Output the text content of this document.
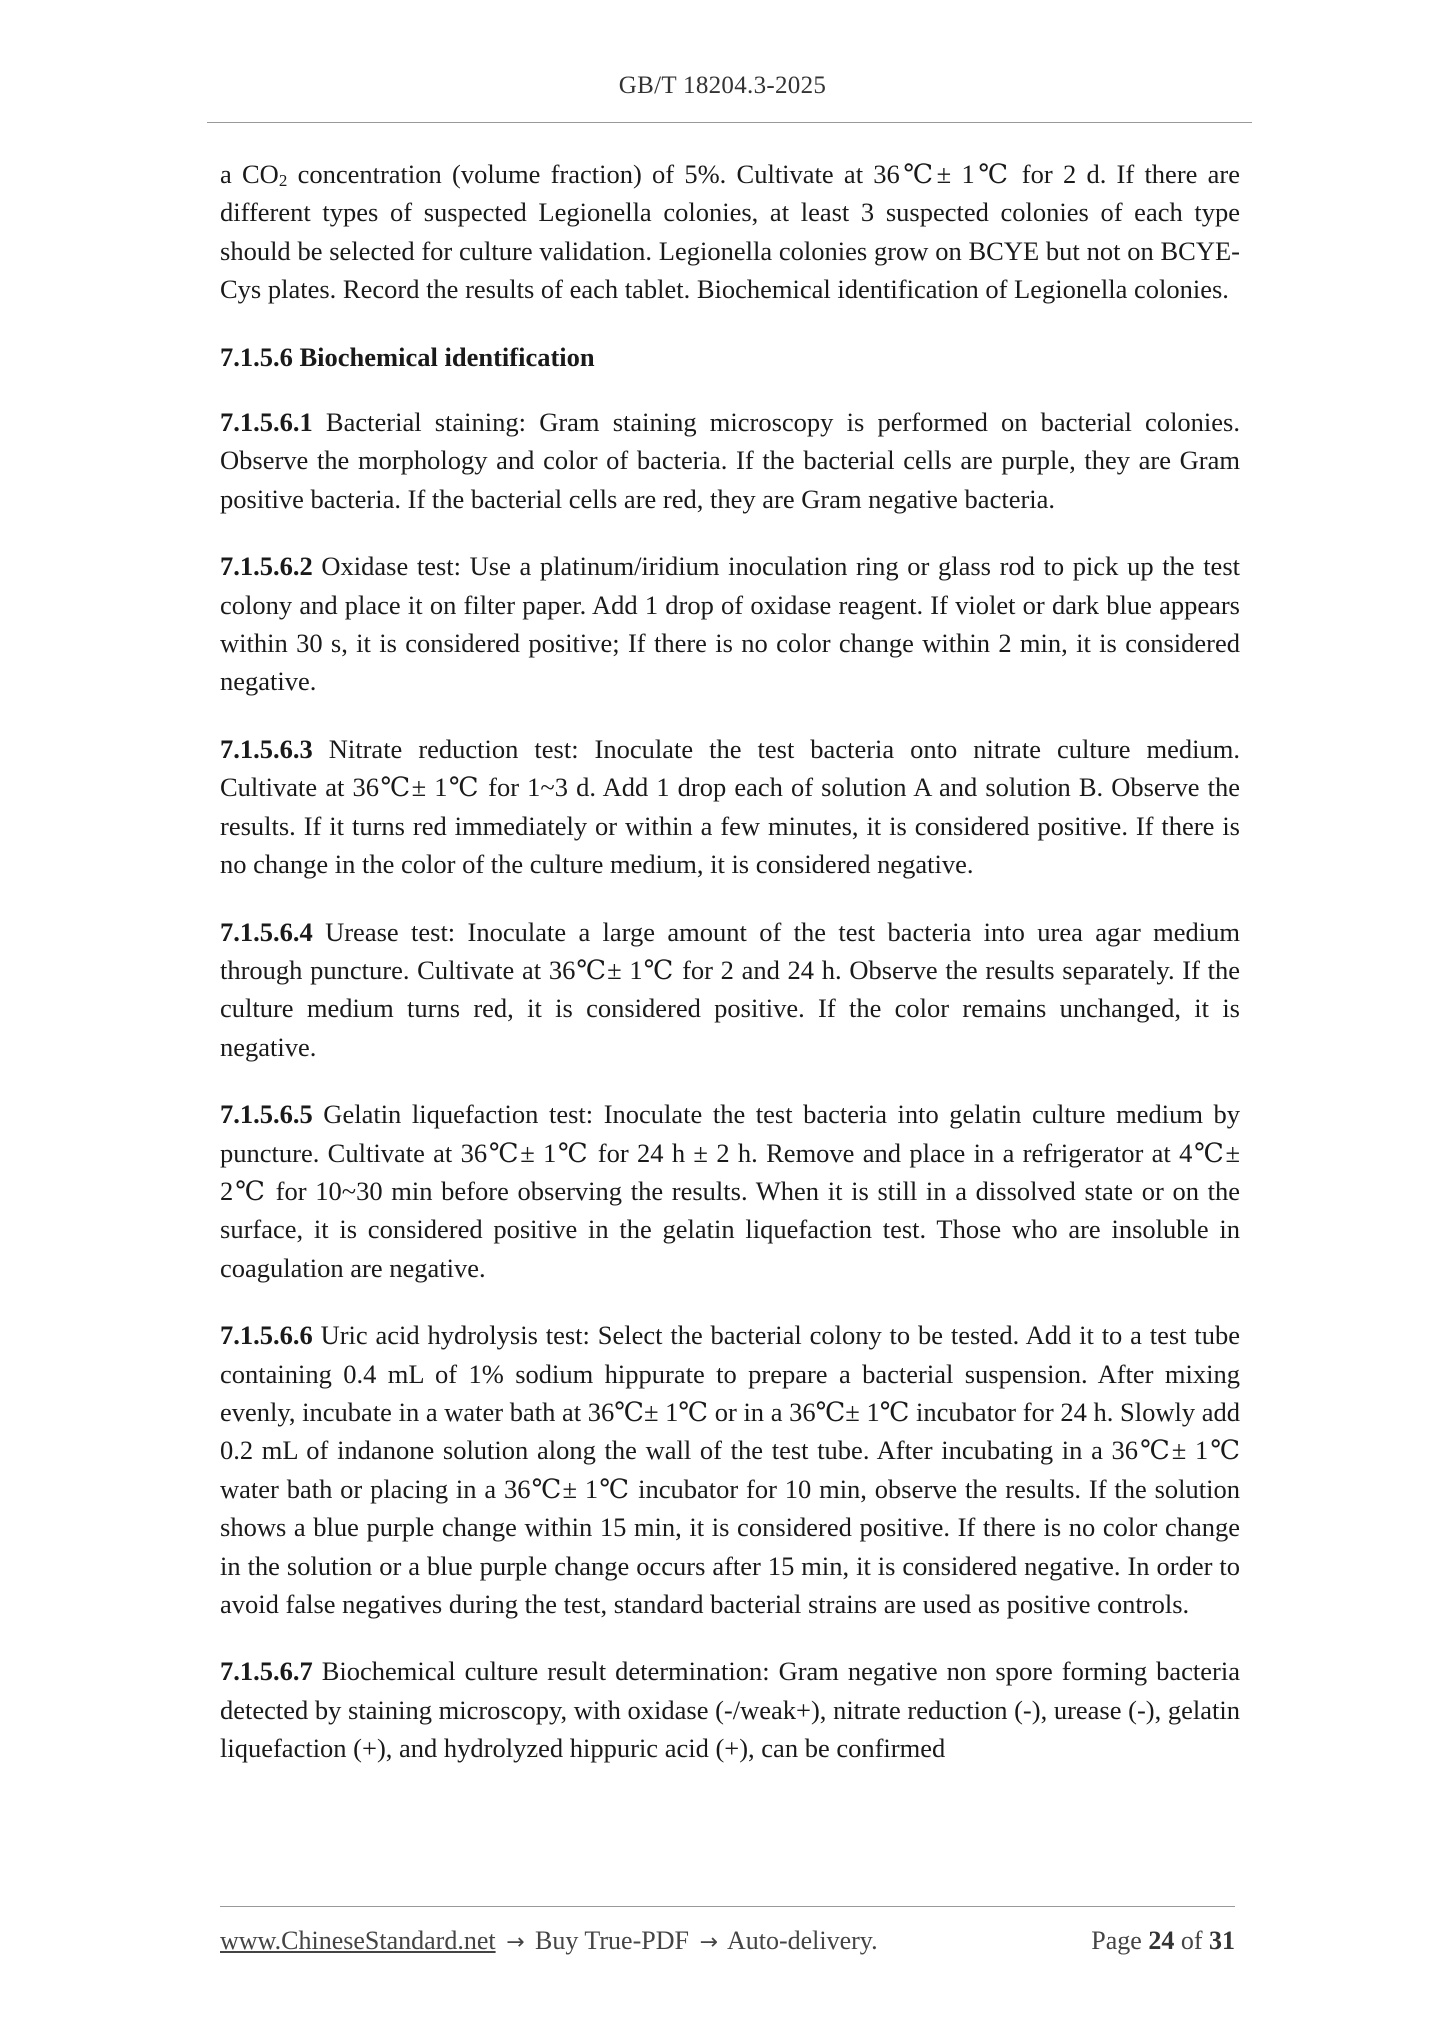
GB/T 18204.3-2025

a $CO_2$ concentration (volume fraction) of 5%. Cultivate at 36℃± 1℃ for 2 d. If there are different types of suspected Legionella colonies, at least 3 suspected colonies of each type should be selected for culture validation. Legionella colonies grow on BCYE but not on BCYE-Cys plates. Record the results of each tablet. Biochemical identification of Legionella colonies.

7.1.5.6 Biochemical identification

7.1.5.6.1 Bacterial staining: Gram staining microscopy is performed on bacterial colonies. Observe the morphology and color of bacteria. If the bacterial cells are purple, they are Gram positive bacteria. If the bacterial cells are red, they are Gram negative bacteria.

7.1.5.6.2 Oxidase test: Use a platinum/iridium inoculation ring or glass rod to pick up the test colony and place it on filter paper. Add 1 drop of oxidase reagent. If violet or dark blue appears within 30 s, it is considered positive; If there is no color change within 2 min, it is considered negative.

7.1.5.6.3 Nitrate reduction test: Inoculate the test bacteria onto nitrate culture medium. Cultivate at 36℃± 1℃ for 1~3 d. Add 1 drop each of solution A and solution B. Observe the results. If it turns red immediately or within a few minutes, it is considered positive. If there is no change in the color of the culture medium, it is considered negative.

7.1.5.6.4 Urease test: Inoculate a large amount of the test bacteria into urea agar medium through puncture. Cultivate at 36℃± 1℃ for 2 and 24 h. Observe the results separately. If the culture medium turns red, it is considered positive. If the color remains unchanged, it is negative.

7.1.5.6.5 Gelatin liquefaction test: Inoculate the test bacteria into gelatin culture medium by puncture. Cultivate at 36℃± 1℃ for 24 h ± 2 h. Remove and place in a refrigerator at 4℃± 2℃ for 10~30 min before observing the results. When it is still in a dissolved state or on the surface, it is considered positive in the gelatin liquefaction test. Those who are insoluble in coagulation are negative.

7.1.5.6.6 Uric acid hydrolysis test: Select the bacterial colony to be tested. Add it to a test tube containing 0.4 mL of 1% sodium hippurate to prepare a bacterial suspension. After mixing evenly, incubate in a water bath at 36℃± 1℃ or in a 36℃± 1℃ incubator for 24 h. Slowly add 0.2 mL of indanone solution along the wall of the test tube. After incubating in a 36℃± 1℃ water bath or placing in a 36℃± 1℃ incubator for 10 min, observe the results. If the solution shows a blue purple change within 15 min, it is considered positive. If there is no color change in the solution or a blue purple change occurs after 15 min, it is considered negative. In order to avoid false negatives during the test, standard bacterial strains are used as positive controls.

7.1.5.6.7 Biochemical culture result determination: Gram negative non spore forming bacteria detected by staining microscopy, with oxidase (-/weak+), nitrate reduction (-), urease (-), gelatin liquefaction (+), and hydrolyzed hippuric acid (+), can be confirmed

www.ChineseStandard.net → Buy True-PDF → Auto-delivery.	Page 24 of 31
